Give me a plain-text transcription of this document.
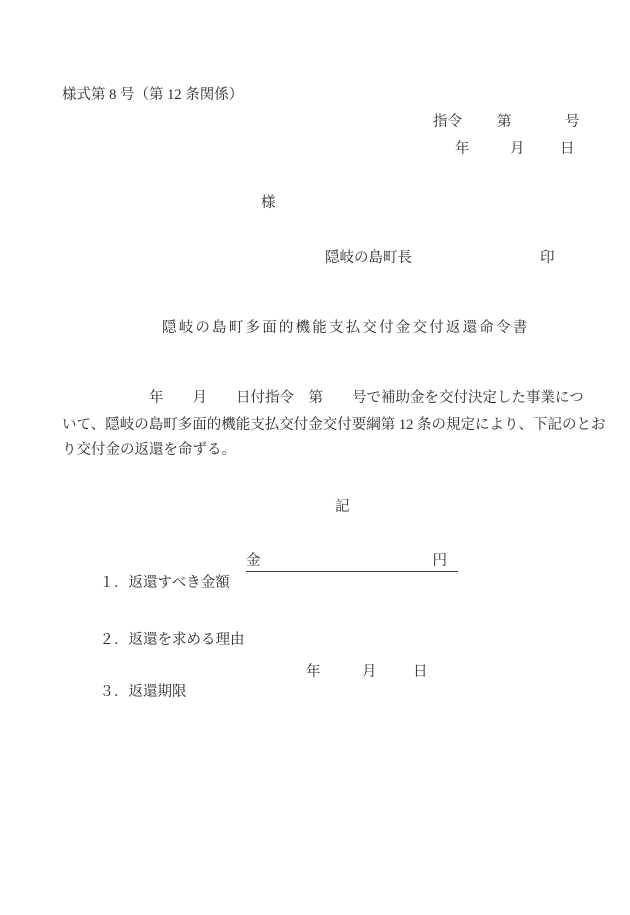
様式第 8 号（第 12 条関係）
指令 第	号
年	月 日
様
隠岐の島町長	印
隠岐の島町多面的機能支払交付金交付返還命令書
　　　　　　年　　月　　日付指令　第　　号で補助金を交付決定した事業につ
いて、隠岐の島町多面的機能支払交付金交付要綱第 12 条の規定により、下記のとお
り交付金の返還を命ずる。
記

１．返還すべき金額

金	円

２．返還を求める理由

３．返還期限

年	月	日
